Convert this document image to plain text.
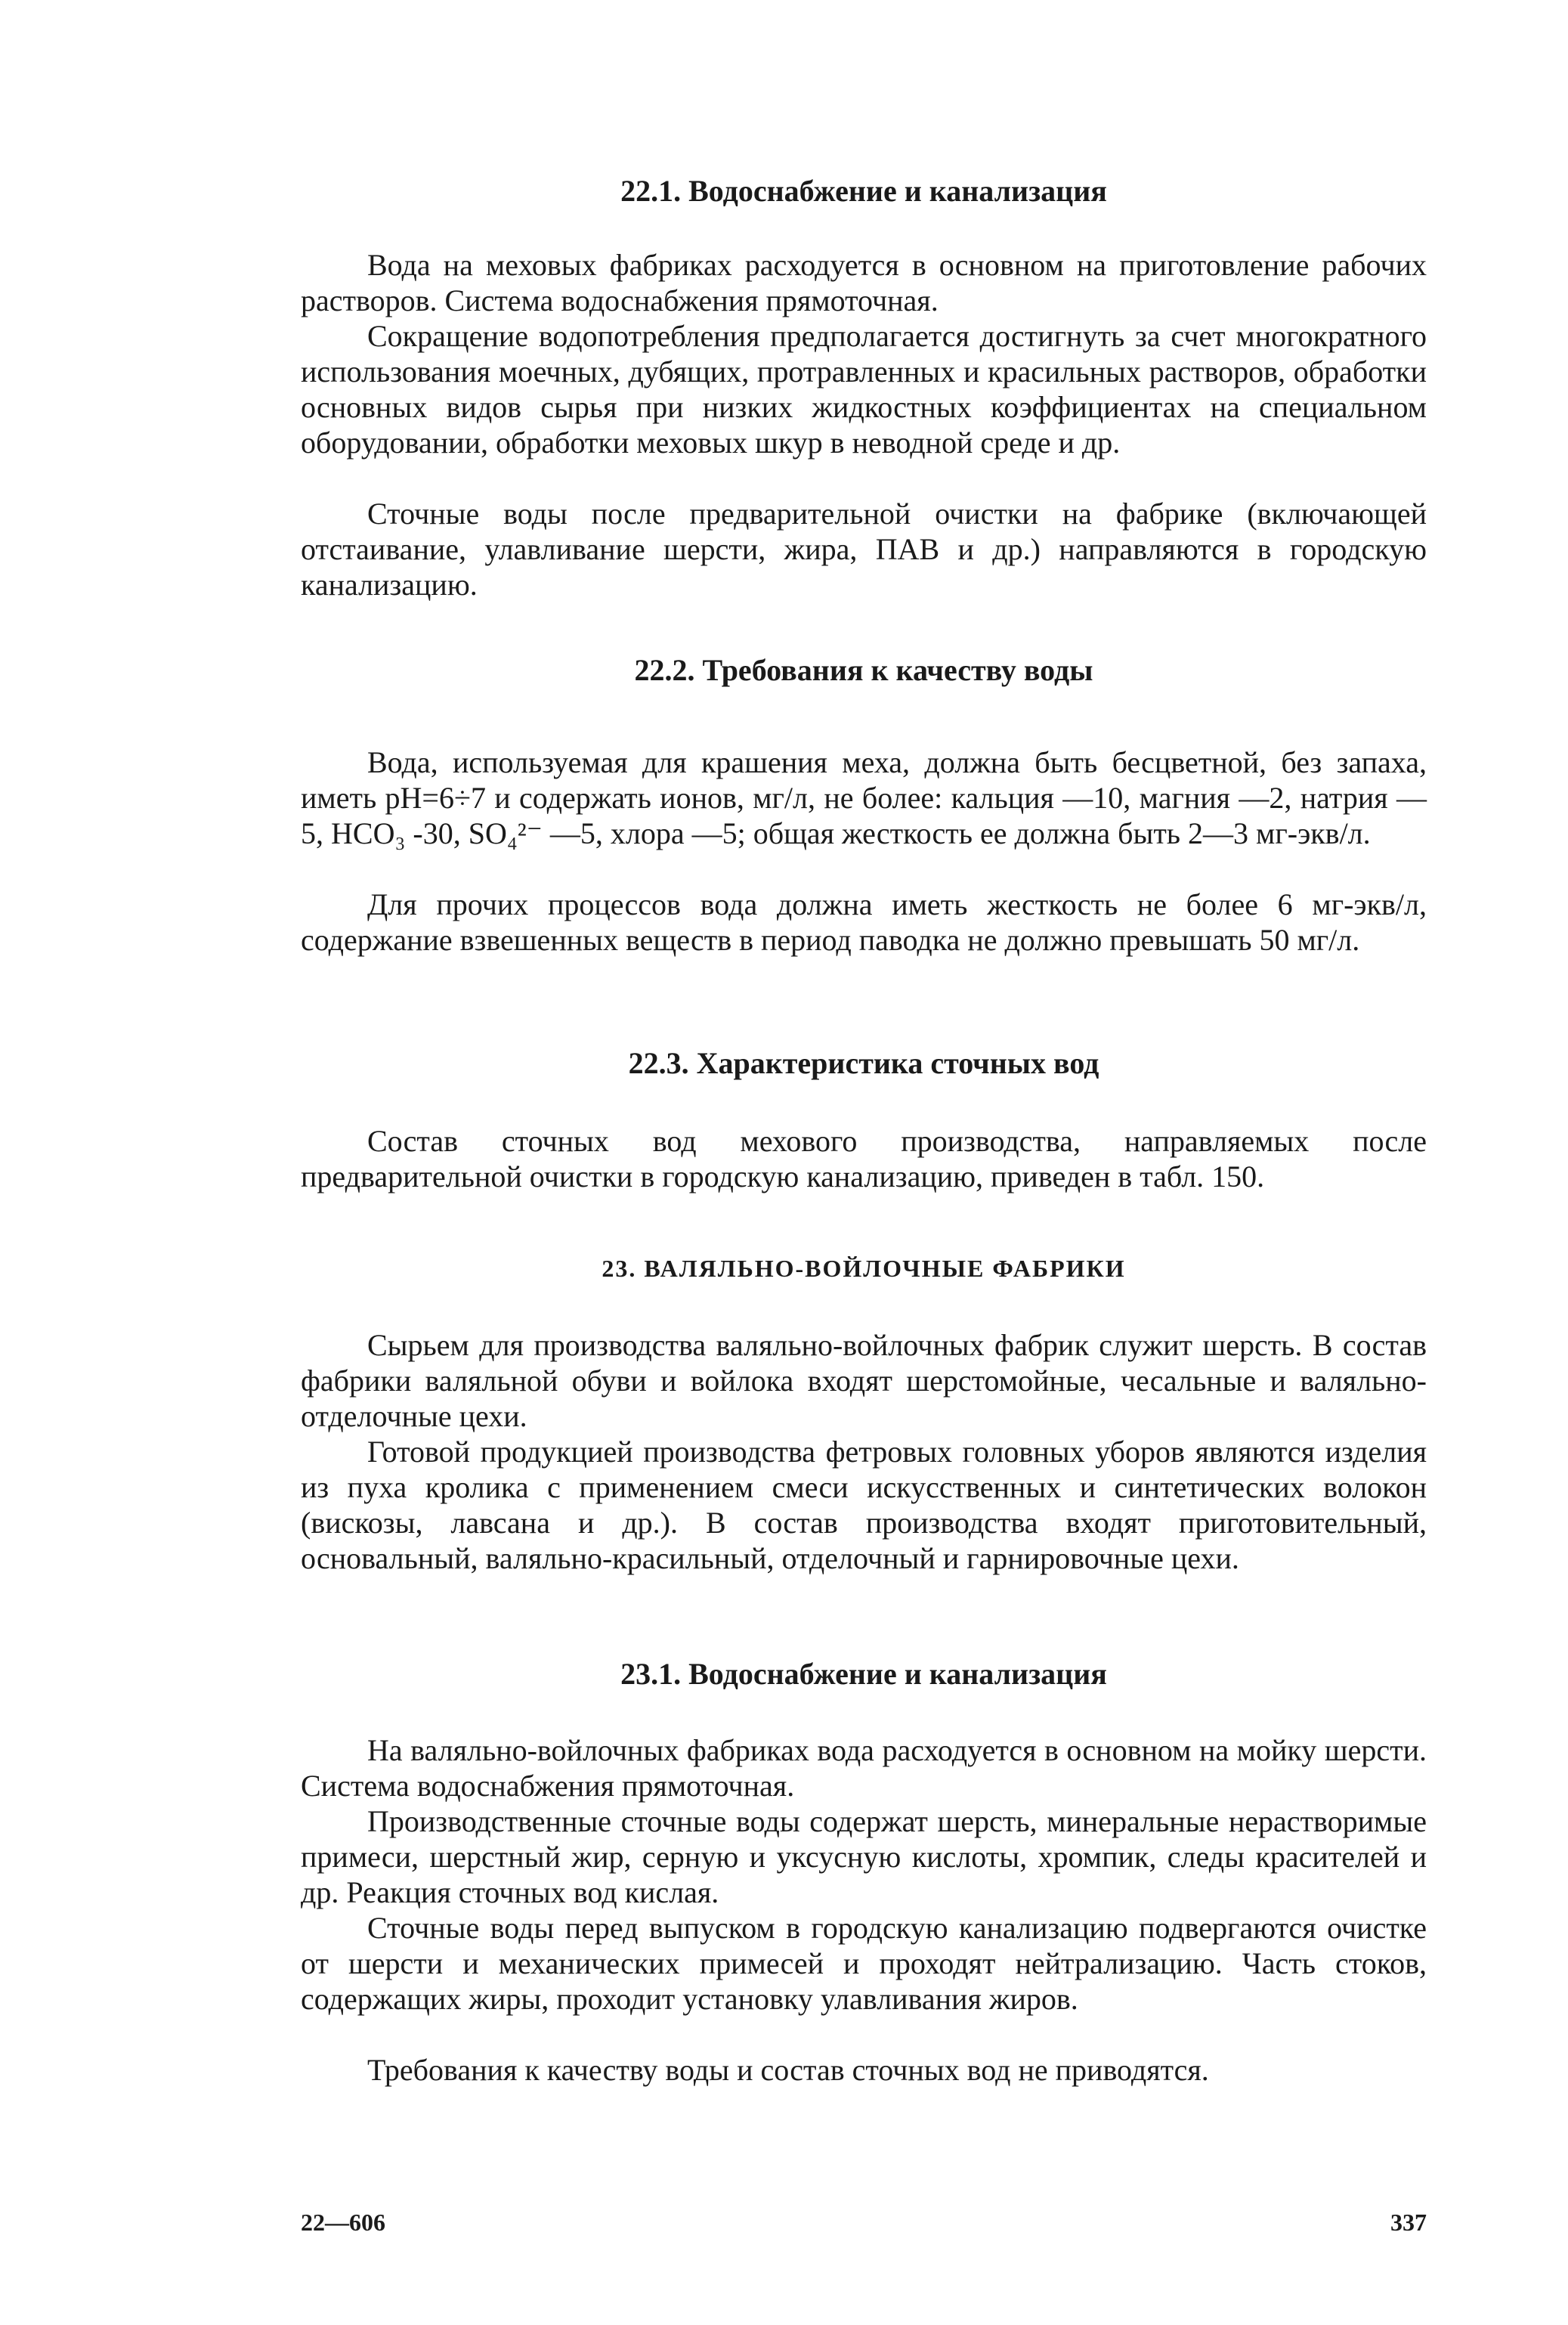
22.1. Водоснабжение и канализация

Вода на меховых фабриках расходуется в основном на приготовление рабочих растворов. Система водоснабжения прямоточная.

Сокращение водопотребления предполагается достигнуть за счет многократного использования моечных, дубящих, протравленных и красильных растворов, обработки основных видов сырья при низких жидкостных коэффициентах на специальном оборудовании, обработки меховых шкур в неводной среде и др.

Сточные воды после предварительной очистки на фабрике (включающей отстаивание, улавливание шерсти, жира, ПАВ и др.) направляются в городскую канализацию.

22.2. Требования к качеству воды

Вода, используемая для крашения меха, должна быть бесцветной, без запаха, иметь pH=6÷7 и содержать ионов, мг/л, не более: кальция —10, магния —2, натрия —5, HCO₃ -30, SO₄²⁻ —5, хлора —5; общая жесткость ее должна быть 2—3 мг-экв/л.

Для прочих процессов вода должна иметь жесткость не более 6 мг-экв/л, содержание взвешенных веществ в период паводка не должно превышать 50 мг/л.

22.3. Характеристика сточных вод

Состав сточных вод мехового производства, направляемых после предварительной очистки в городскую канализацию, приведен в табл. 150.

23. ВАЛЯЛЬНО-ВОЙЛОЧНЫЕ ФАБРИКИ

Сырьем для производства валяльно-войлочных фабрик служит шерсть. В состав фабрики валяльной обуви и войлока входят шерстомойные, чесальные и валяльно-отделочные цехи.

Готовой продукцией производства фетровых головных уборов являются изделия из пуха кролика с применением смеси искусственных и синтетических волокон (вискозы, лавсана и др.). В состав производства входят приготовительный, основальный, валяльно-красильный, отделочный и гарнировочные цехи.

23.1. Водоснабжение и канализация

На валяльно-войлочных фабриках вода расходуется в основном на мойку шерсти. Система водоснабжения прямоточная.

Производственные сточные воды содержат шерсть, минеральные нерастворимые примеси, шерстный жир, серную и уксусную кислоты, хромпик, следы красителей и др. Реакция сточных вод кислая.

Сточные воды перед выпуском в городскую канализацию подвергаются очистке от шерсти и механических примесей и проходят нейтрализацию. Часть стоков, содержащих жиры, проходит установку улавливания жиров.

Требования к качеству воды и состав сточных вод не приводятся.

22—606	337
